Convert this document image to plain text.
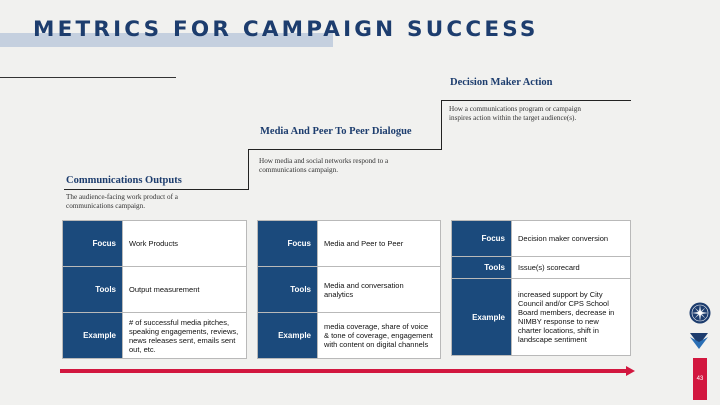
METRICS FOR CAMPAIGN SUCCESS
Communications Outputs
The audience-facing work product of a communications campaign.
Media And Peer To Peer Dialogue
How media and social networks respond to a communications campaign.
Decision Maker Action
How a communications program or campaign inspires action within the target audience(s).
Focus	Work Products
Tools	Output measurement
Example	# of successful media pitches, speaking engagements, reviews, news releases sent, emails sent out, etc.
Focus	Media and Peer to Peer
Tools	Media and conversation analytics
Example	media coverage, share of voice & tone of coverage, engagement with content on digital channels
Focus	Decision maker conversion
Tools	Issue(s) scorecard
Example	increased support by City Council and/or CPS School Board members, decrease in NIMBY response to new charter locations, shift in landscape sentiment
43
